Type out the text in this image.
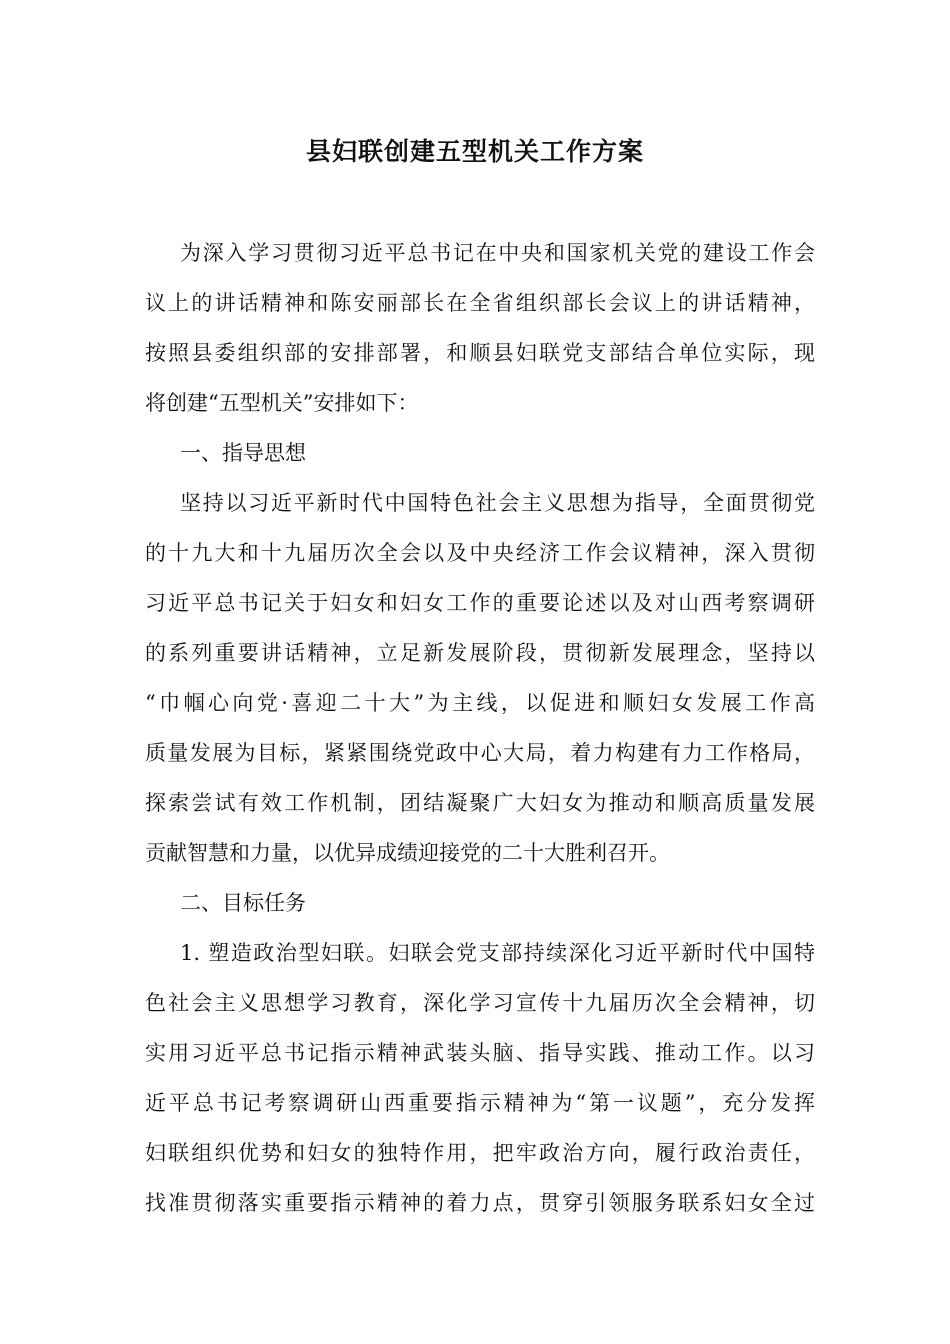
县妇联创建五型机关工作方案
为深入学习贯彻习近平总书记在中央和国家机关党的建设工作会
议上的讲话精神和陈安丽部长在全省组织部长会议上的讲话精神，
按照县委组织部的安排部署，和顺县妇联党支部结合单位实际，现
将创建“五型机关”安排如下：
一、指导思想
坚持以习近平新时代中国特色社会主义思想为指导，全面贯彻党
的十九大和十九届历次全会以及中央经济工作会议精神，深入贯彻
习近平总书记关于妇女和妇女工作的重要论述以及对山西考察调研
的系列重要讲话精神，立足新发展阶段，贯彻新发展理念，坚持以
“巾帼心向党·喜迎二十大”为主线，以促进和顺妇女发展工作高
质量发展为目标，紧紧围绕党政中心大局，着力构建有力工作格局，
探索尝试有效工作机制，团结凝聚广大妇女为推动和顺高质量发展
贡献智慧和力量，以优异成绩迎接党的二十大胜利召开。
二、目标任务
1. 塑造政治型妇联。妇联会党支部持续深化习近平新时代中国特
色社会主义思想学习教育，深化学习宣传十九届历次全会精神，切
实用习近平总书记指示精神武装头脑、指导实践、推动工作。以习
近平总书记考察调研山西重要指示精神为“第一议题”，充分发挥
妇联组织优势和妇女的独特作用，把牢政治方向，履行政治责任，
找准贯彻落实重要指示精神的着力点，贯穿引领服务联系妇女全过
